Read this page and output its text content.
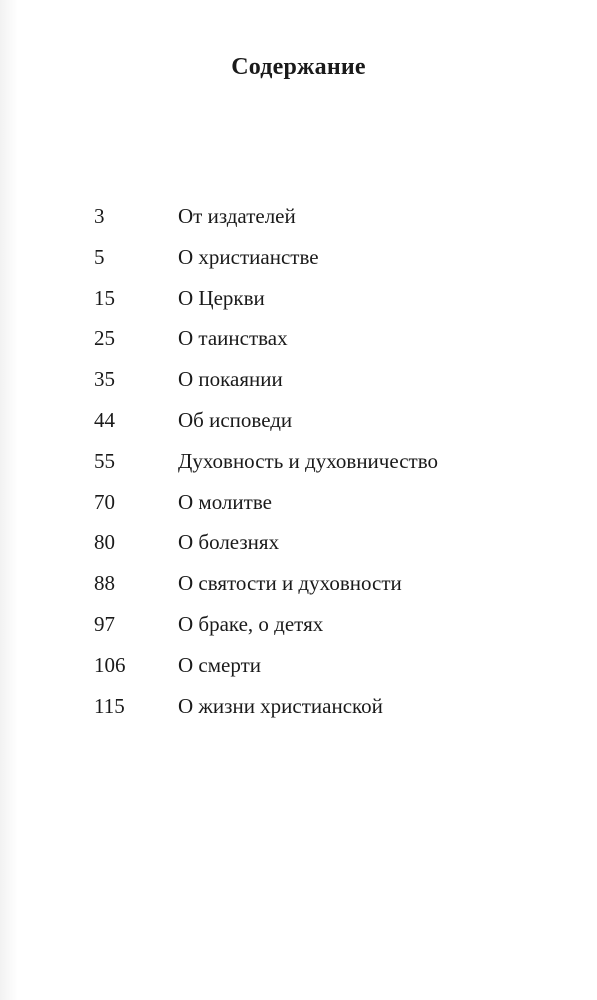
Содержание
3	От издателей
5	О христианстве
15	О Церкви
25	О таинствах
35	О покаянии
44	Об исповеди
55	Духовность и духовничество
70	О молитве
80	О болезнях
88	О святости и духовности
97	О браке, о детях
106	О смерти
115	О жизни христианской
